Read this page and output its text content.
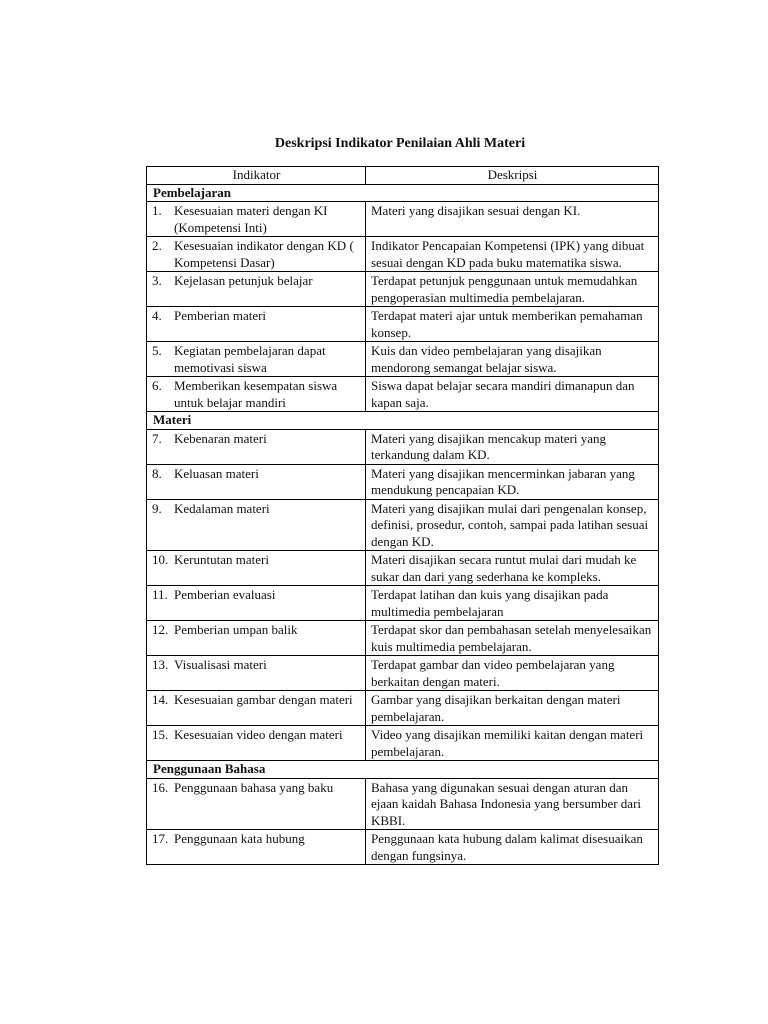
Deskripsi Indikator Penilaian Ahli Materi
Indikator	Deskripsi
Pembelajaran	

1. Kesesuaian materi dengan KI (Kompetensi Inti)	Materi yang disajikan sesuai dengan KI.

2. Kesesuaian indikator dengan KD ( Kompetensi Dasar)	Indikator Pencapaian Kompetensi (IPK) yang dibuat sesuai dengan KD pada buku matematika siswa.

3. Kejelasan petunjuk belajar	Terdapat petunjuk penggunaan untuk memudahkan pengoperasian multimedia pembelajaran.

4. Pemberian materi	Terdapat materi ajar untuk memberikan pemahaman konsep.

5. Kegiatan pembelajaran dapat memotivasi siswa	Kuis dan video pembelajaran yang disajikan mendorong semangat belajar siswa.

6. Memberikan kesempatan siswa untuk belajar mandiri	Siswa dapat belajar secara mandiri dimanapun dan kapan saja.
Materi	

7. Kebenaran materi	Materi yang disajikan mencakup materi yang terkandung dalam KD.

8. Keluasan materi	Materi yang disajikan mencerminkan jabaran yang mendukung pencapaian KD.

9. Kedalaman materi	Materi yang disajikan mulai dari pengenalan konsep, definisi, prosedur, contoh, sampai pada latihan sesuai dengan KD.

10. Keruntutan materi	Materi disajikan secara runtut mulai dari mudah ke sukar dan dari yang sederhana ke kompleks.

11. Pemberian evaluasi	Terdapat latihan dan kuis yang disajikan pada multimedia pembelajaran

12. Pemberian umpan balik	Terdapat skor dan pembahasan setelah menyelesaikan kuis multimedia pembelajaran.

13. Visualisasi materi	Terdapat gambar dan video pembelajaran yang berkaitan dengan materi.

14. Kesesuaian gambar dengan materi	Gambar yang disajikan berkaitan dengan materi pembelajaran.

15. Kesesuaian video dengan materi	Video yang disajikan memiliki kaitan dengan materi pembelajaran.
Penggunaan Bahasa	

16. Penggunaan bahasa yang baku	Bahasa yang digunakan sesuai dengan aturan dan ejaan kaidah Bahasa Indonesia yang bersumber dari KBBI.

17. Penggunaan kata hubung	Penggunaan kata hubung dalam kalimat disesuaikan dengan fungsinya.
